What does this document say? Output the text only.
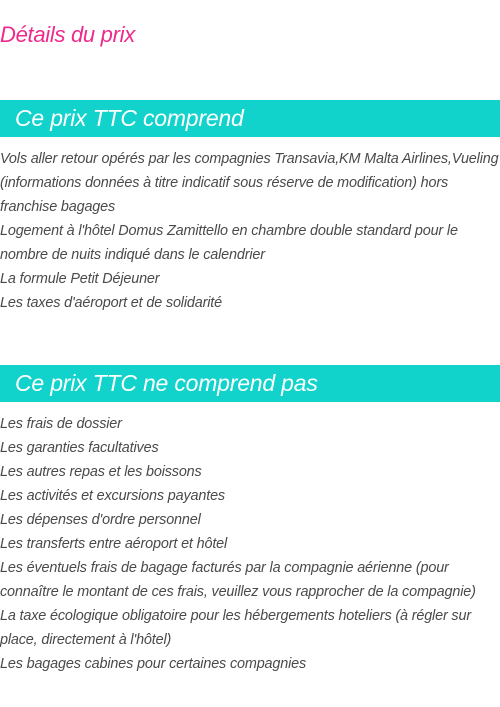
Détails du prix
Ce prix TTC comprend
Vols aller retour opérés par les compagnies Transavia,KM Malta Airlines,Vueling (informations données à titre indicatif sous réserve de modification) hors franchise bagages
Logement à l'hôtel Domus Zamittello en chambre double standard pour le nombre de nuits indiqué dans le calendrier
La formule Petit Déjeuner
Les taxes d'aéroport et de solidarité
Ce prix TTC ne comprend pas
Les frais de dossier
Les garanties facultatives
Les autres repas et les boissons
Les activités et excursions payantes
Les dépenses d'ordre personnel
Les transferts entre aéroport et hôtel
Les éventuels frais de bagage facturés par la compagnie aérienne (pour connaître le montant de ces frais, veuillez vous rapprocher de la compagnie)
La taxe écologique obligatoire pour les hébergements hoteliers (à régler sur place, directement à l'hôtel)
Les bagages cabines pour certaines compagnies
